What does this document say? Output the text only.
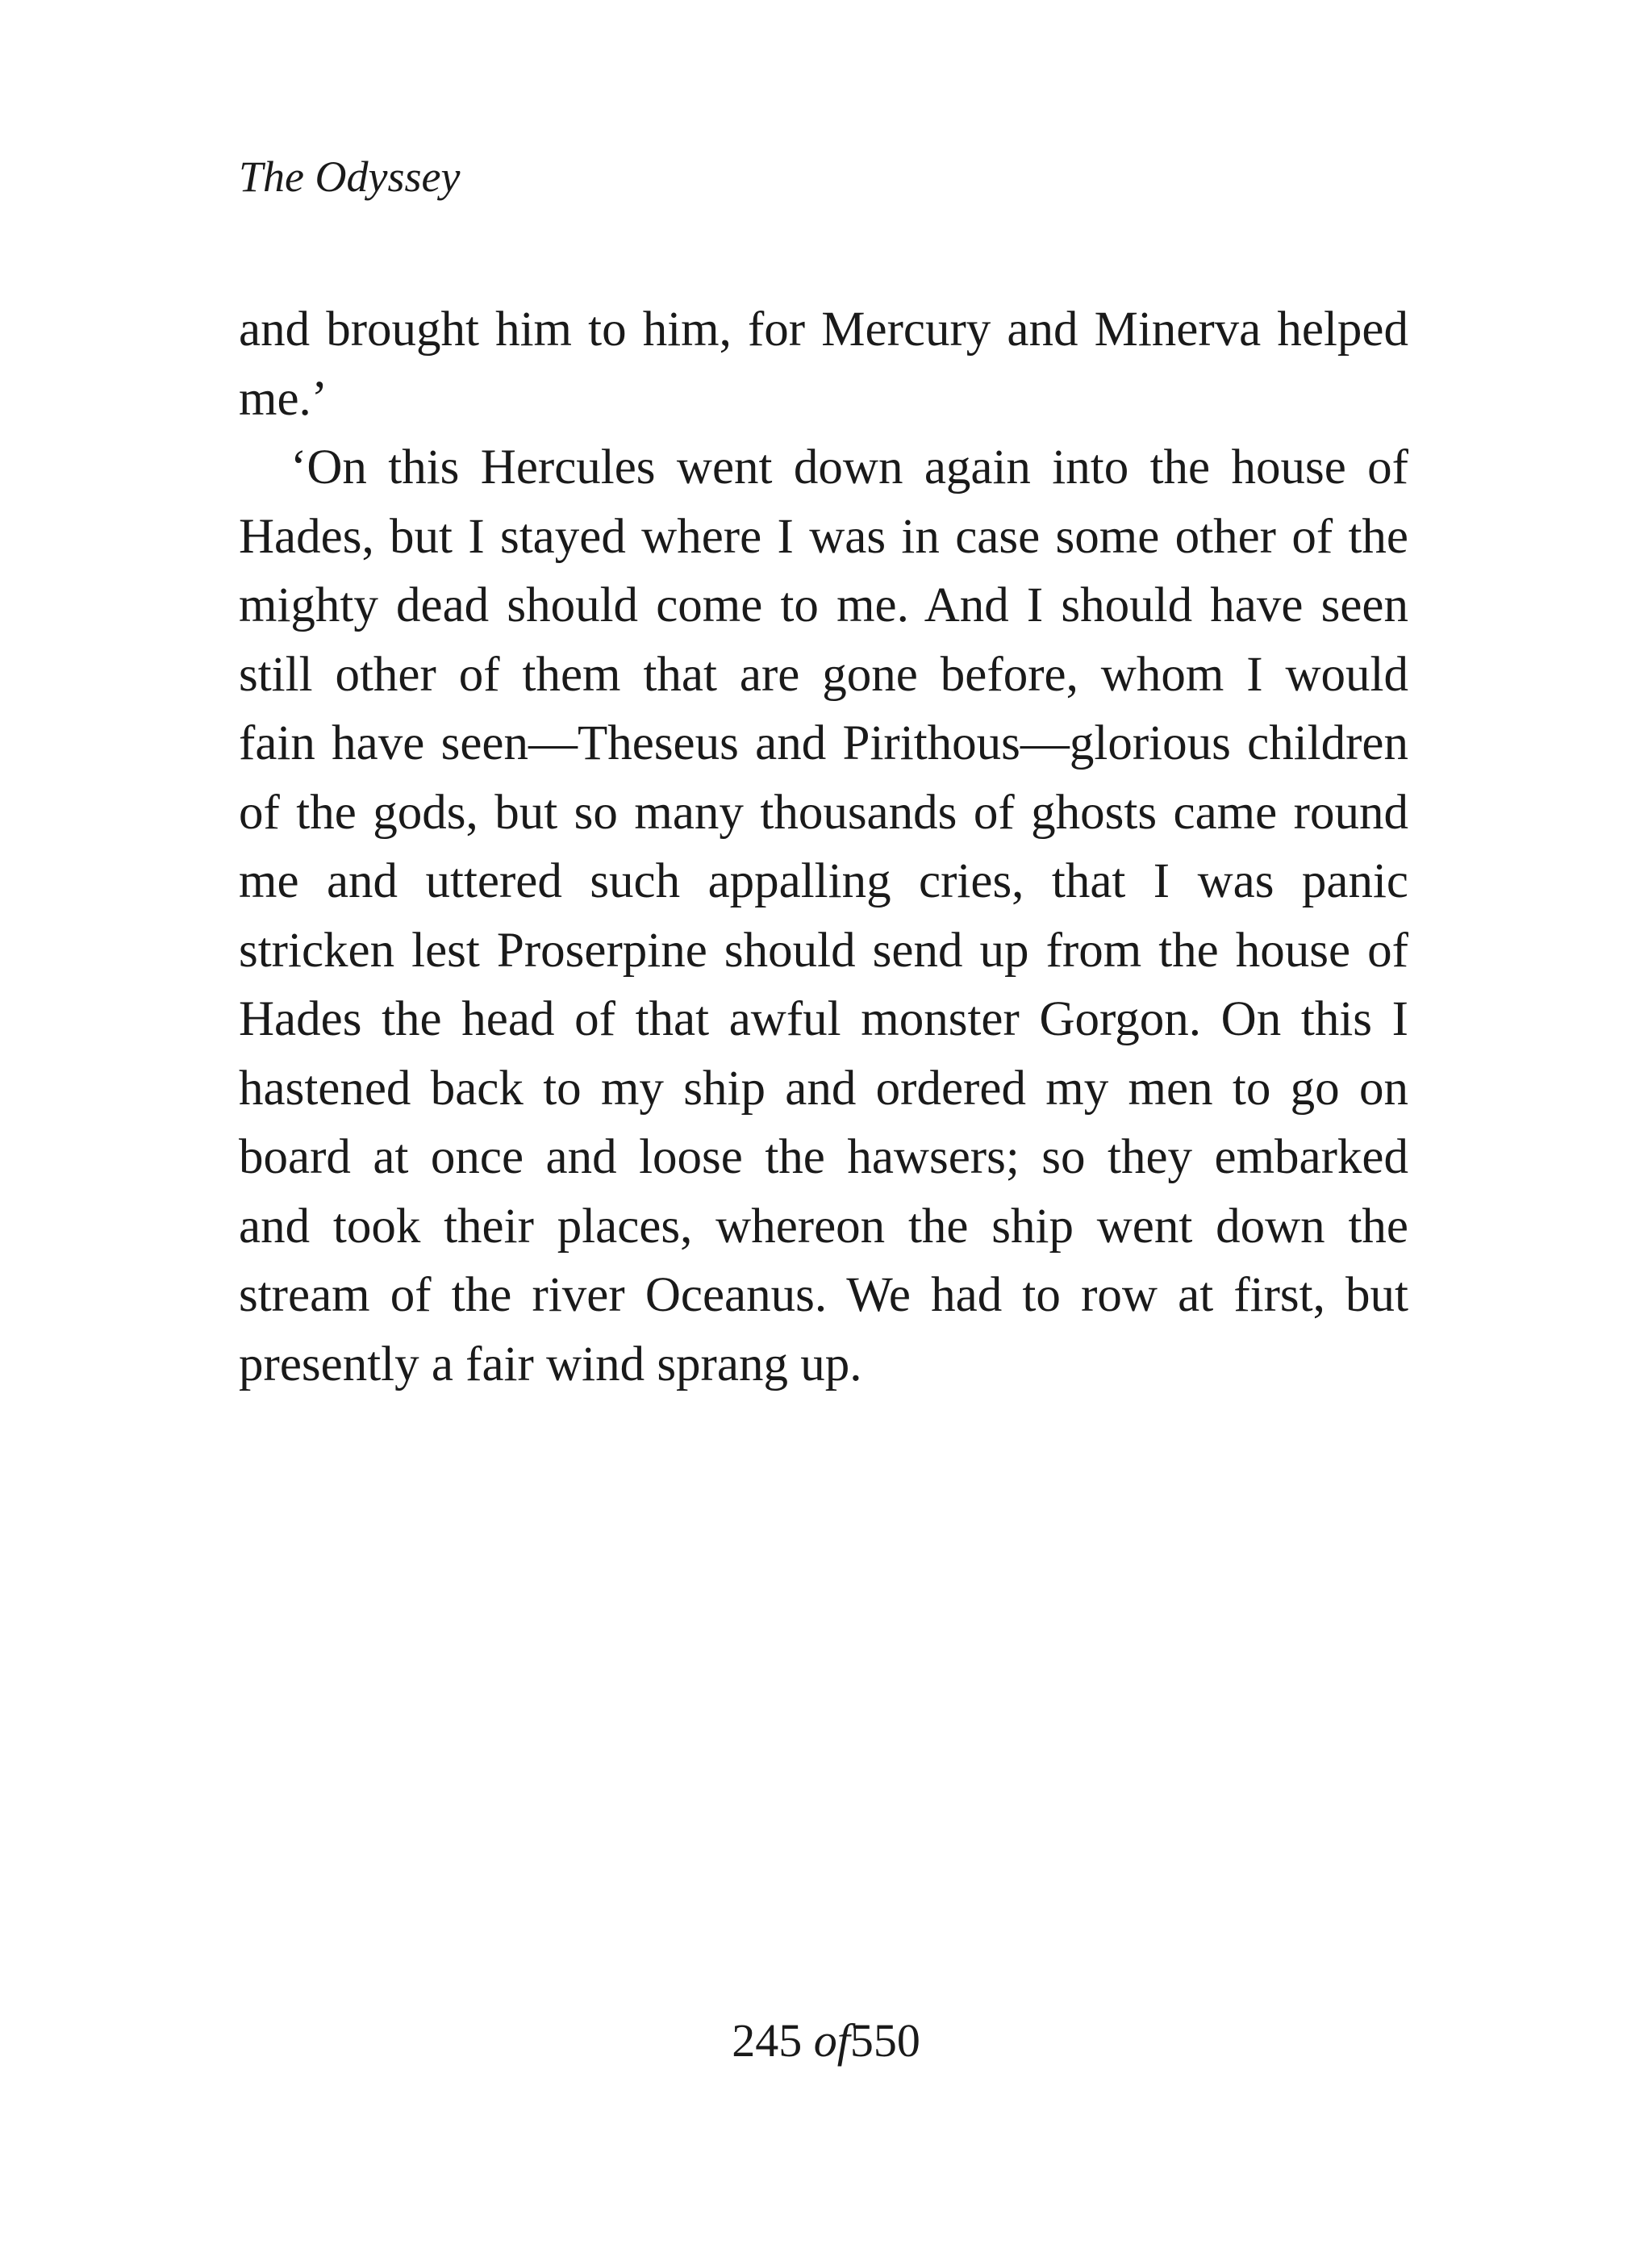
The Odyssey
and brought him to him, for Mercury and Minerva helped
me.’
‘On this Hercules went down again into the house of
Hades, but I stayed where I was in case some other of the
mighty dead should come to me. And I should have seen
still other of them that are gone before, whom I would
fain have seen—Theseus and Pirithous—glorious children
of the gods, but so many thousands of ghosts came round
me and uttered such appalling cries, that I was panic
stricken lest Proserpine should send up from the house of
Hades the head of that awful monster Gorgon. On this I
hastened back to my ship and ordered my men to go on
board at once and loose the hawsers; so they embarked
and took their places, whereon the ship went down the
stream of the river Oceanus. We had to row at first, but
presently a fair wind sprang up.
245 of550
